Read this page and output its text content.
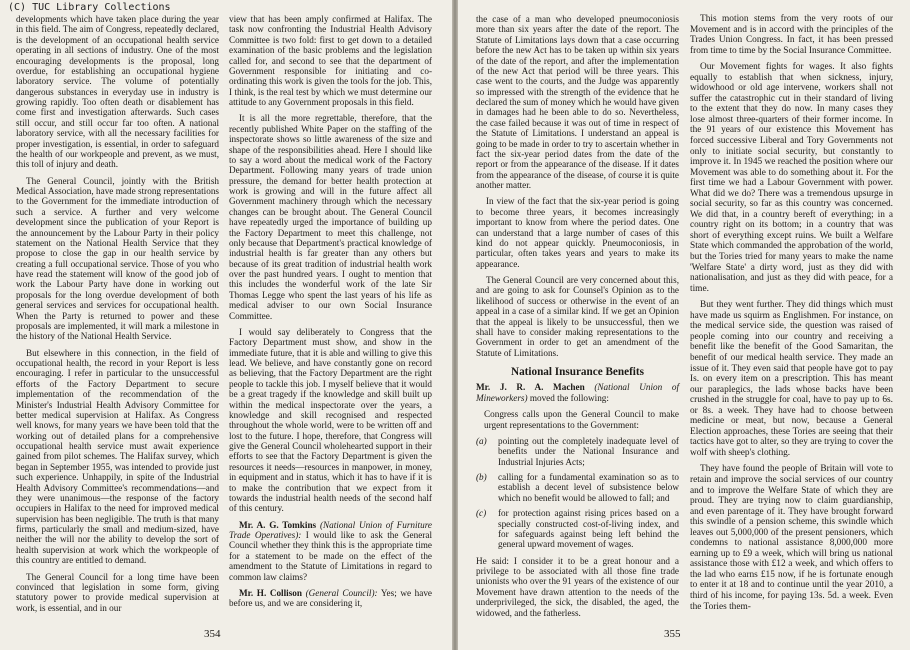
(C) TUC Library Collections

developments which have taken place during the year in this field. The aim of Congress, repeatedly declared, is the development of an occupational health service operating in all sections of industry. One of the most encouraging developments is the proposal, long overdue, for establishing an occupational hygiene laboratory service. The volume of potentially dangerous substances in everyday use in industry is growing rapidly. Too often death or disablement has come first and investigation afterwards. Such cases still occur, and still occur far too often. A national laboratory service, with all the necessary facilities for proper investigation, is essential, in order to safeguard the health of our workpeople and prevent, as we must, this toll of injury and death.

The General Council, jointly with the British Medical Association, have made strong representations to the Government for the immediate introduction of such a service. A further and very welcome development since the publication of your Report is the announcement by the Labour Party in their policy statement on the National Health Service that they propose to close the gap in our health service by creating a full occupational service. Those of you who have read the statement will know of the good job of work the Labour Party have done in working out proposals for the long overdue development of both general services and services for occupational health. When the Party is returned to power and these proposals are implemented, it will mark a milestone in the history of the National Health Service.

But elsewhere in this connection, in the field of occupational health, the record in your Report is less encouraging. I refer in particular to the unsuccessful efforts of the Factory Department to secure implementation of the recommendation of the Minister's Industrial Health Advisory Committee for better medical supervision at Halifax. As Congress well knows, for many years we have been told that the working out of detailed plans for a comprehensive occupational health service must await experience gained from pilot schemes. The Halifax survey, which began in September 1955, was intended to provide just such experience. Unhappily, in spite of the Industrial Health Advisory Committee's recommendations—and they were unanimous—the response of the factory occupiers in Halifax to the need for improved medical supervision has been negligible. The truth is that many firms, particularly the small and medium-sized, have neither the will nor the ability to develop the sort of health supervision at work which the workpeople of this country are entitled to demand.

The General Council for a long time have been convinced that legislation in some form, giving statutory power to provide medical supervision at work, is essential, and in our

view that has been amply confirmed at Halifax. The task now confronting the Industrial Health Advisory Committee is two fold: first to get down to a detailed examination of the basic problems and the legislation called for, and second to see that the department of Government responsible for initiating and co-ordinating this work is given the tools for the job. This, I think, is the real test by which we must determine our attitude to any Government proposals in this field.

It is all the more regrettable, therefore, that the recently published White Paper on the staffing of the inspectorate shows so little awareness of the size and shape of the responsibilities ahead. Here I should like to say a word about the medical work of the Factory Department. Following many years of trade union pressure, the demand for better health protection at work is growing and will in the future affect all Government machinery through which the necessary changes can be brought about. The General Council have repeatedly urged the importance of building up the Factory Department to meet this challenge, not only because that Department's practical knowledge of industrial health is far greater than any others but because of its great tradition of industrial health work over the past hundred years. I ought to mention that this includes the wonderful work of the late Sir Thomas Legge who spent the last years of his life as medical adviser to our own Social Insurance Committee.

I would say deliberately to Congress that the Factory Department must show, and show in the immediate future, that it is able and willing to give this lead. We believe, and have constantly gone on record as believing, that the Factory Department are the right people to tackle this job. I myself believe that it would be a great tragedy if the knowledge and skill built up within the medical inspectorate over the years, a knowledge and skill recognised and respected throughout the whole world, were to be written off and lost to the future. I hope, therefore, that Congress will give the General Council wholehearted support in their efforts to see that the Factory Department is given the resources it needs—resources in manpower, in money, in equipment and in status, which it has to have if it is to make the contribution that we expect from it towards the industrial health needs of the second half of this century.

Mr. A. G. Tomkins (National Union of Furniture Trade Operatives): I would like to ask the General Council whether they think this is the appropriate time for a statement to be made on the effect of the amendment to the Statute of Limitations in regard to common law claims?

Mr. H. Collison (General Council): Yes; we have before us, and we are considering it,

354

the case of a man who developed pneumoconiosis more than six years after the date of the report. The Statute of Limitations lays down that a case occurring before the new Act has to be taken up within six years of the date of the report, and after the implementation of the new Act that period will be three years. This case went to the courts, and the Judge was apparently so impressed with the strength of the evidence that he declared the sum of money which he would have given in damages had he been able to do so. Nevertheless, the case failed because it was out of time in respect of the Statute of Limitations. I understand an appeal is going to be made in order to try to ascertain whether in fact the six-year period dates from the date of the report or from the appearance of the disease. If it dates from the appearance of the disease, of course it is quite another matter.

In view of the fact that the six-year period is going to become three years, it becomes increasingly important to know from where the period dates. One can understand that a large number of cases of this kind do not appear quickly. Pneumoconiosis, in particular, often takes years and years to make its appearance.

The General Council are very concerned about this, and are going to ask for Counsel's Opinion as to the likelihood of success or otherwise in the event of an appeal in a case of a similar kind. If we get an Opinion that the appeal is likely to be unsuccessful, then we shall have to consider making representations to the Government in order to get an amendment of the Statute of Limitations.

National Insurance Benefits

Mr. J. R. A. Machen (National Union of Mineworkers) moved the following:

Congress calls upon the General Council to make urgent representations to the Government:
(a)	pointing out the completely inadequate level of benefits under the National Insurance and Industrial Injuries Acts;
(b)	calling for a fundamental examination so as to establish a decent level of subsistence below which no benefit would be allowed to fall; and
(c)	for protection against rising prices based on a specially constructed cost-of-living index, and for safeguards against being left behind the general upward movement of wages.

He said: I consider it to be a great honour and a privilege to be associated with all those fine trade unionists who over the 91 years of the existence of our Movement have drawn attention to the needs of the underprivileged, the sick, the disabled, the aged, the widowed, and the fatherless.

This motion stems from the very roots of our Movement and is in accord with the principles of the Trades Union Congress. In fact, it has been pressed from time to time by the Social Insurance Committee.

Our Movement fights for wages. It also fights equally to establish that when sickness, injury, widowhood or old age intervene, workers shall not suffer the catastrophic cut in their standard of living to the extent that they do now. In many cases they lose almost three-quarters of their former income. In the 91 years of our existence this Movement has forced successive Liberal and Tory Governments not only to initiate social security, but constantly to improve it. In 1945 we reached the position where our Movement was able to do something about it. For the first time we had a Labour Government with power. What did we do? There was a tremendous upsurge in social security, so far as this country was concerned. We did that, in a country bereft of everything; in a country right on its bottom; in a country that was short of everything except ruins. We built a Welfare State which commanded the approbation of the world, but the Tories tried for many years to make the name 'Welfare State' a dirty word, just as they did with nationalisation, and just as they did with peace, for a time.

But they went further. They did things which must have made us squirm as Englishmen. For instance, on the medical service side, the question was raised of people coming into our country and receiving a benefit like the benefit of the Good Samaritan, the benefit of our medical health service. They made an issue of it. They even said that people have got to pay Is. on every item on a prescription. This has meant our paraplegics, the lads whose backs have been crushed in the struggle for coal, have to pay up to 6s. or 8s. a week. They have had to choose between medicine or meat, but now, because a General Election approaches, these Tories are seeing that their tactics have got to alter, so they are trying to cover the wolf with sheep's clothing.

They have found the people of Britain will vote to retain and improve the social services of our country and to improve the Welfare State of which they are proud. They are trying now to claim guardianship, and even parentage of it. They have brought forward this swindle of a pension scheme, this swindle which leaves out 5,000,000 of the present pensioners, which condemns to national assistance 8,000,000 more earning up to £9 a week, which will bring us national assistance those with £12 a week, and which offers to the lad who earns £15 now, if he is fortunate enough to enter it at 18 and to continue until the year 2010, a third of his income, for paying 13s. 5d. a week. Even the Tories them-

355
